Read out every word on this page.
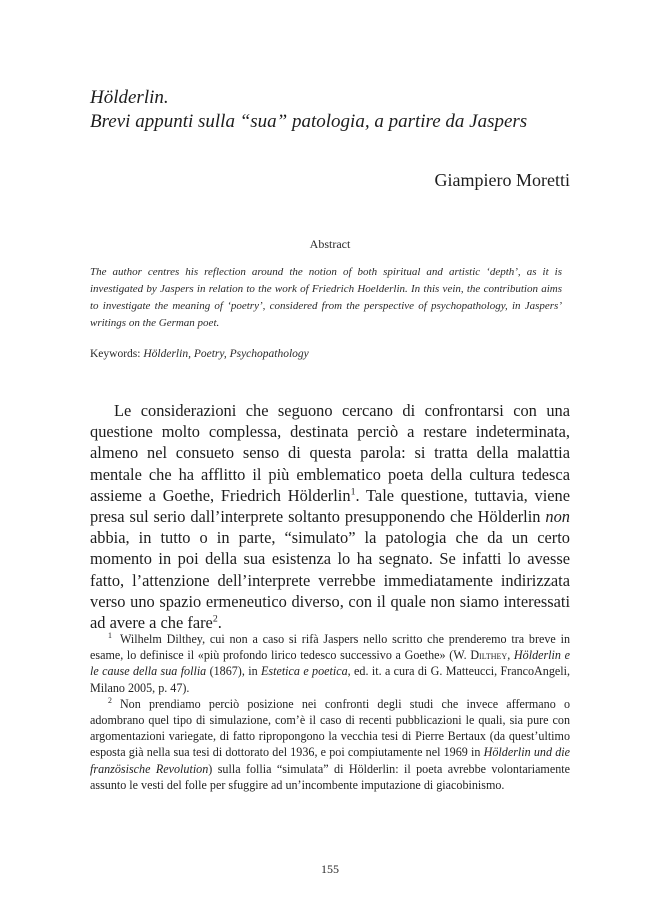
Hölderlin.
Brevi appunti sulla “sua” patologia, a partire da Jaspers
Giampiero Moretti
Abstract
The author centres his reflection around the notion of both spiritual and artistic ‘depth’, as it is investigated by Jaspers in relation to the work of Friedrich Hoelderlin. In this vein, the contribution aims to investigate the meaning of ‘poetry’, considered from the perspective of psychopathology, in Jaspers’ writings on the German poet.
Keywords: Hölderlin, Poetry, Psychopathology
Le considerazioni che seguono cercano di confrontarsi con una questione molto complessa, destinata perciò a restare indeterminata, almeno nel consueto senso di questa parola: si tratta della malattia mentale che ha afflitto il più emblematico poeta della cultura tedesca assieme a Goethe, Friedrich Hölderlin$^1$. Tale questione, tuttavia, viene presa sul serio dall’interprete soltanto presupponendo che Hölderlin non abbia, in tutto o in parte, “simulato” la patologia che da un certo momento in poi della sua esistenza lo ha segnato. Se infatti lo avesse fatto, l’attenzione dell’interprete verrebbe immediatamente indirizzata verso uno spazio ermeneutico diverso, con il quale non siamo interessati ad avere a che fare$^2$.

$^1$ Wilhelm Dilthey, cui non a caso si rifà Jaspers nello scritto che prenderemo tra breve in esame, lo definisce il «più profondo lirico tedesco successivo a Goethe» (W. Dilthey, Hölderlin e le cause della sua follia (1867), in Estetica e poetica, ed. it. a cura di G. Matteucci, FrancoAngeli, Milano 2005, p. 47).

$^2$ Non prendiamo perciò posizione nei confronti degli studi che invece affermano o adombrano quel tipo di simulazione, com’è il caso di recenti pubblicazioni le quali, sia pure con argomentazioni variegate, di fatto ripropongono la vecchia tesi di Pierre Bertaux (da quest’ultimo esposta già nella sua tesi di dottorato del 1936, e poi compiutamente nel 1969 in Hölderlin und die französische Revolution) sulla follia “simulata” di Hölderlin: il poeta avrebbe volontariamente assunto le vesti del folle per sfuggire ad un’incombente imputazione di giacobinismo.

155
